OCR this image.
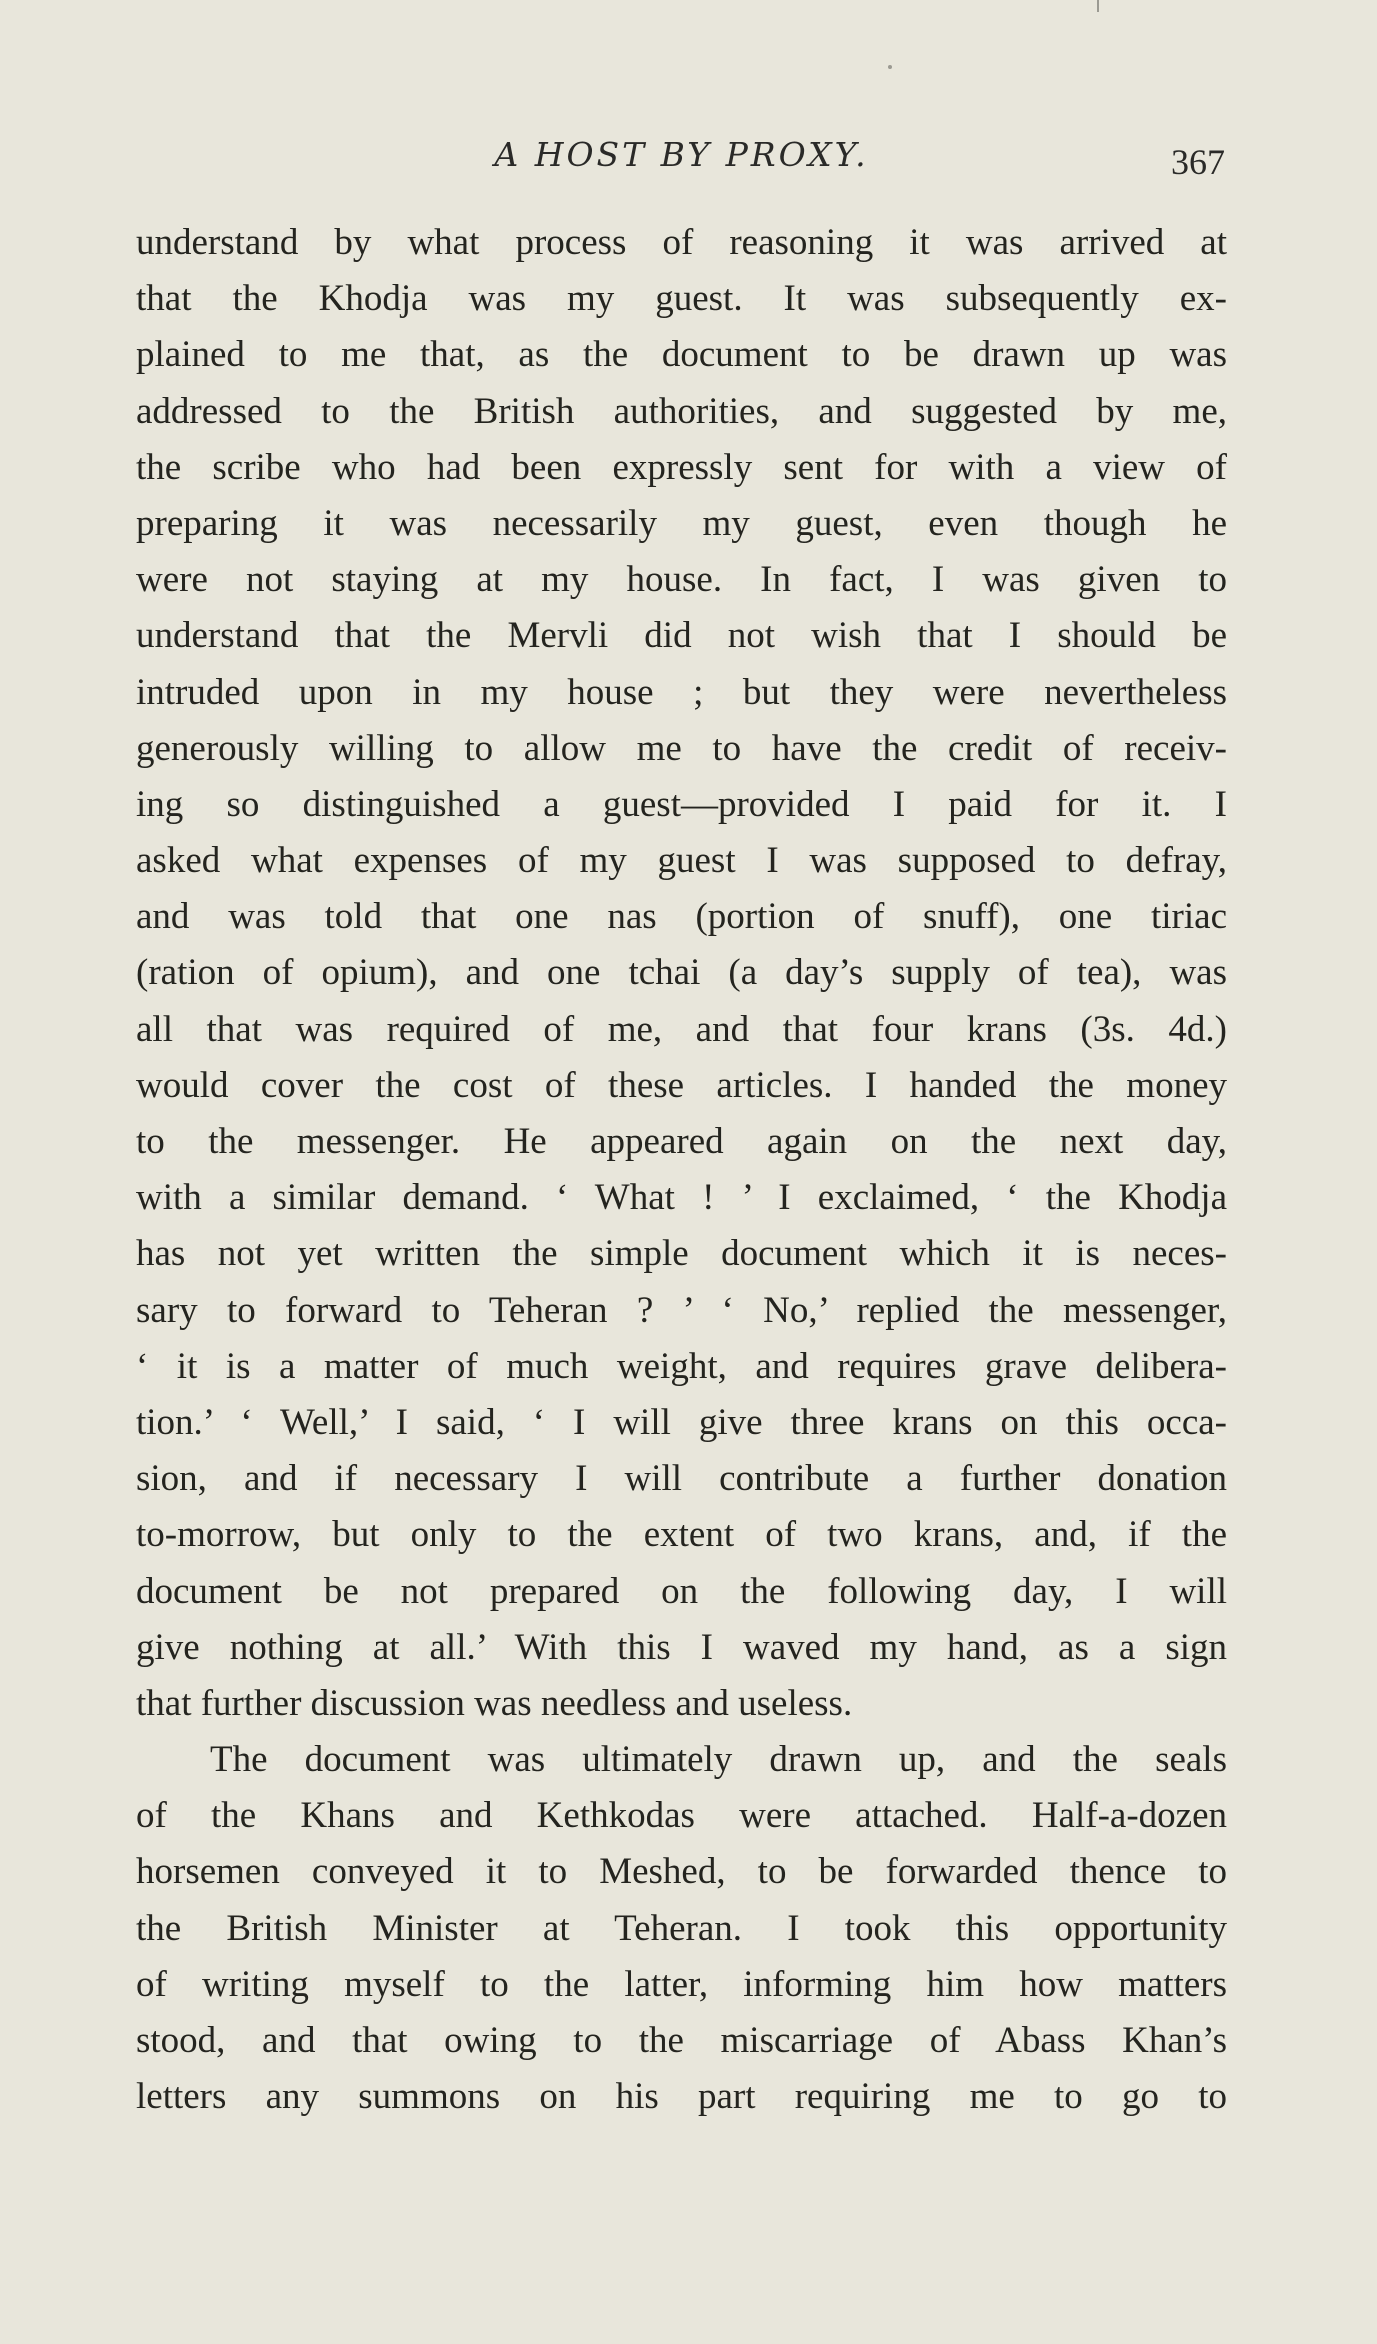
A HOST BY PROXY.	367
understand by what process of reasoning it was arrived at
that the Khodja was my guest. It was subsequently ex-
plained to me that, as the document to be drawn up was
addressed to the British authorities, and suggested by me,
the scribe who had been expressly sent for with a view of
preparing it was necessarily my guest, even though he
were not staying at my house. In fact, I was given to
understand that the Mervli did not wish that I should be
intruded upon in my house ; but they were nevertheless
generously willing to allow me to have the credit of receiv-
ing so distinguished a guest—provided I paid for it. I
asked what expenses of my guest I was supposed to defray,
and was told that one nas (portion of snuff), one tiriac
(ration of opium), and one tchai (a day’s supply of tea), was
all that was required of me, and that four krans (3s. 4d.)
would cover the cost of these articles. I handed the money
to the messenger. He appeared again on the next day,
with a similar demand. ‘ What ! ’ I exclaimed, ‘ the Khodja
has not yet written the simple document which it is neces-
sary to forward to Teheran ? ’ ‘ No,’ replied the messenger,
‘ it is a matter of much weight, and requires grave delibera-
tion.’ ‘ Well,’ I said, ‘ I will give three krans on this occa-
sion, and if necessary I will contribute a further donation
to-morrow, but only to the extent of two krans, and, if the
document be not prepared on the following day, I will
give nothing at all.’ With this I waved my hand, as a sign
that further discussion was needless and useless.
The document was ultimately drawn up, and the seals
of the Khans and Kethkodas were attached. Half-a-dozen
horsemen conveyed it to Meshed, to be forwarded thence to
the British Minister at Teheran. I took this opportunity
of writing myself to the latter, informing him how matters
stood, and that owing to the miscarriage of Abass Khan’s
letters any summons on his part requiring me to go to
